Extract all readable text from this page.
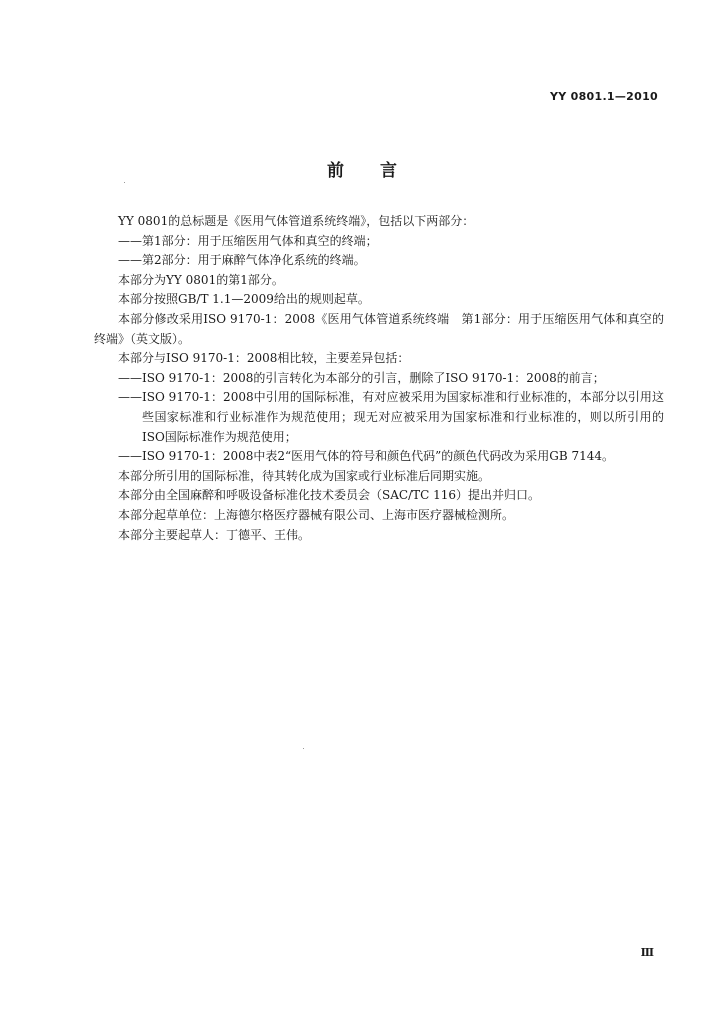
YY 0801.1—2010
前言

YY 0801的总标题是《医用气体管道系统终端》，包括以下两部分：

——第1部分：用于压缩医用气体和真空的终端；

——第2部分：用于麻醉气体净化系统的终端。

本部分为YY 0801的第1部分。

本部分按照GB/T 1.1—2009给出的规则起草。

本部分修改采用ISO 9170-1：2008《医用气体管道系统终端　第1部分：用于压缩医用气体和真空的终端》（英文版）。

本部分与ISO 9170-1：2008相比较，主要差异包括：

——ISO 9170-1：2008的引言转化为本部分的引言，删除了ISO 9170-1：2008的前言；

——ISO 9170-1：2008中引用的国际标准，有对应被采用为国家标准和行业标准的，本部分以引用这些国家标准和行业标准作为规范使用；现无对应被采用为国家标准和行业标准的，则以所引用的ISO国际标准作为规范使用；

——ISO 9170-1：2008中表2“医用气体的符号和颜色代码”的颜色代码改为采用GB 7144。

本部分所引用的国际标准，待其转化成为国家或行业标准后同期实施。

本部分由全国麻醉和呼吸设备标准化技术委员会（SAC/TC 116）提出并归口。

本部分起草单位：上海德尔格医疗器械有限公司、上海市医疗器械检测所。

本部分主要起草人：丁德平、王伟。

Ⅲ
